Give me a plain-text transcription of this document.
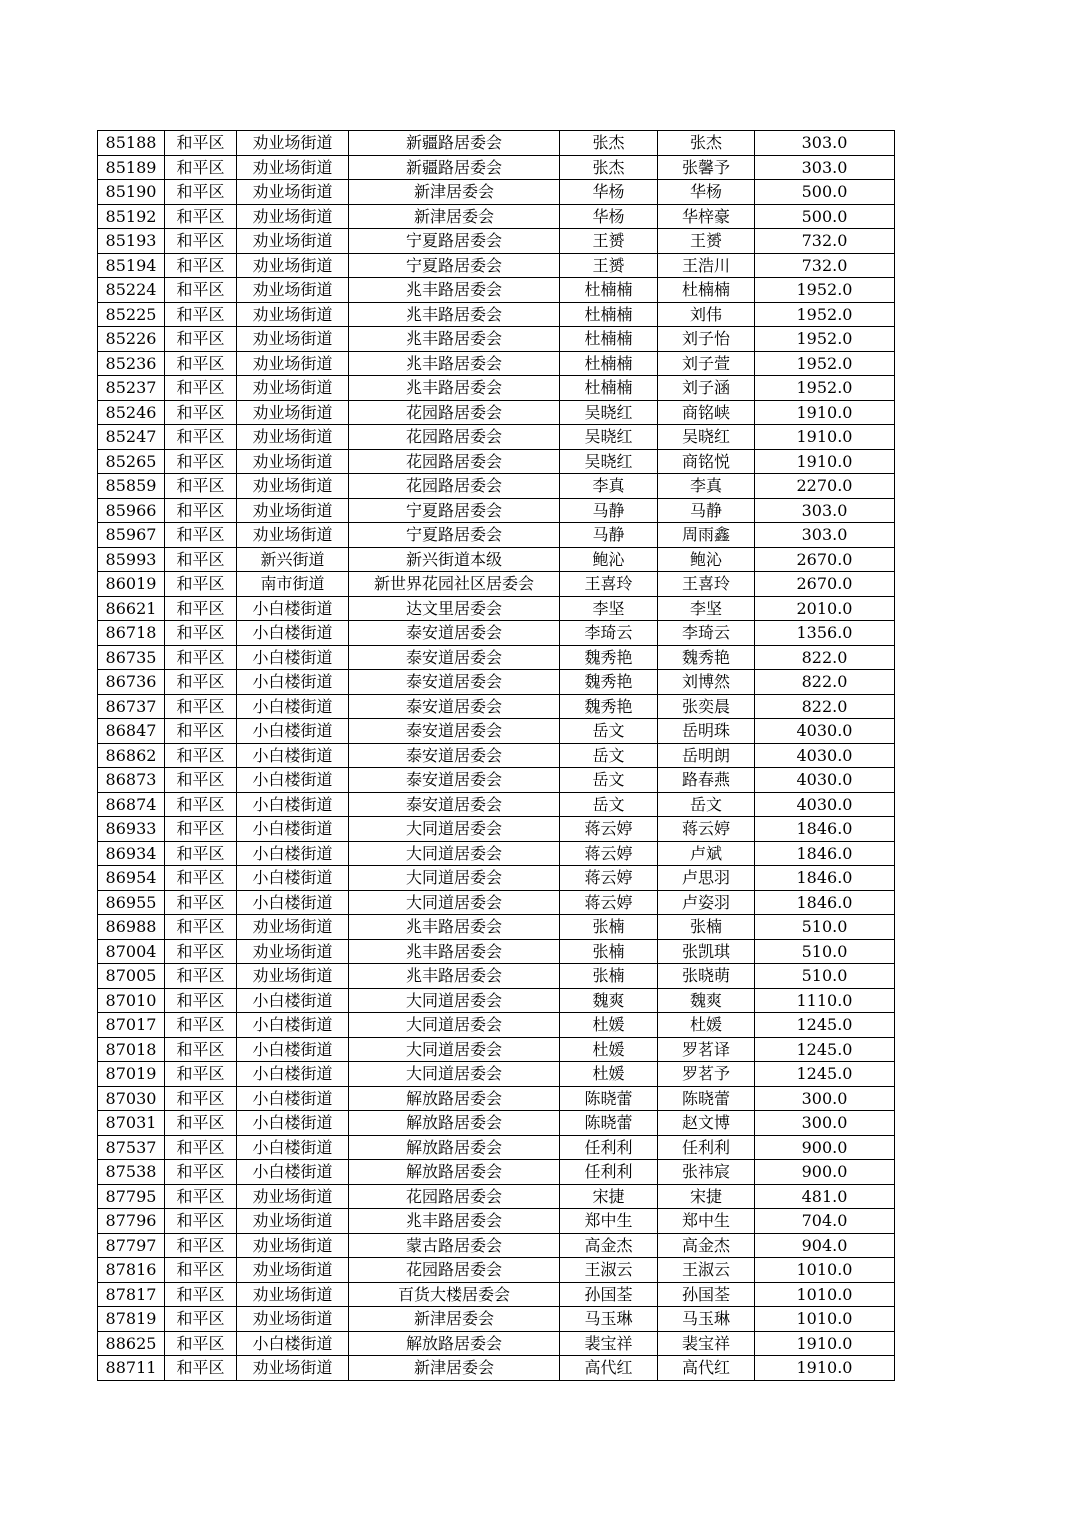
85188	和平区	劝业场街道	新疆路居委会	张杰	张杰	303.0
85189	和平区	劝业场街道	新疆路居委会	张杰	张馨予	303.0
85190	和平区	劝业场街道	新津居委会	华杨	华杨	500.0
85192	和平区	劝业场街道	新津居委会	华杨	华梓豪	500.0
85193	和平区	劝业场街道	宁夏路居委会	王赟	王赟	732.0
85194	和平区	劝业场街道	宁夏路居委会	王赟	王浩川	732.0
85224	和平区	劝业场街道	兆丰路居委会	杜楠楠	杜楠楠	1952.0
85225	和平区	劝业场街道	兆丰路居委会	杜楠楠	刘伟	1952.0
85226	和平区	劝业场街道	兆丰路居委会	杜楠楠	刘子怡	1952.0
85236	和平区	劝业场街道	兆丰路居委会	杜楠楠	刘子萱	1952.0
85237	和平区	劝业场街道	兆丰路居委会	杜楠楠	刘子涵	1952.0
85246	和平区	劝业场街道	花园路居委会	吴晓红	商铭峡	1910.0
85247	和平区	劝业场街道	花园路居委会	吴晓红	吴晓红	1910.0
85265	和平区	劝业场街道	花园路居委会	吴晓红	商铭悦	1910.0
85859	和平区	劝业场街道	花园路居委会	李真	李真	2270.0
85966	和平区	劝业场街道	宁夏路居委会	马静	马静	303.0
85967	和平区	劝业场街道	宁夏路居委会	马静	周雨鑫	303.0
85993	和平区	新兴街道	新兴街道本级	鲍沁	鲍沁	2670.0
86019	和平区	南市街道	新世界花园社区居委会	王喜玲	王喜玲	2670.0
86621	和平区	小白楼街道	达文里居委会	李坚	李坚	2010.0
86718	和平区	小白楼街道	泰安道居委会	李琦云	李琦云	1356.0
86735	和平区	小白楼街道	泰安道居委会	魏秀艳	魏秀艳	822.0
86736	和平区	小白楼街道	泰安道居委会	魏秀艳	刘博然	822.0
86737	和平区	小白楼街道	泰安道居委会	魏秀艳	张奕晨	822.0
86847	和平区	小白楼街道	泰安道居委会	岳文	岳明珠	4030.0
86862	和平区	小白楼街道	泰安道居委会	岳文	岳明朗	4030.0
86873	和平区	小白楼街道	泰安道居委会	岳文	路春燕	4030.0
86874	和平区	小白楼街道	泰安道居委会	岳文	岳文	4030.0
86933	和平区	小白楼街道	大同道居委会	蒋云婷	蒋云婷	1846.0
86934	和平区	小白楼街道	大同道居委会	蒋云婷	卢斌	1846.0
86954	和平区	小白楼街道	大同道居委会	蒋云婷	卢思羽	1846.0
86955	和平区	小白楼街道	大同道居委会	蒋云婷	卢姿羽	1846.0
86988	和平区	劝业场街道	兆丰路居委会	张楠	张楠	510.0
87004	和平区	劝业场街道	兆丰路居委会	张楠	张凯琪	510.0
87005	和平区	劝业场街道	兆丰路居委会	张楠	张晓萌	510.0
87010	和平区	小白楼街道	大同道居委会	魏爽	魏爽	1110.0
87017	和平区	小白楼街道	大同道居委会	杜媛	杜媛	1245.0
87018	和平区	小白楼街道	大同道居委会	杜媛	罗茗译	1245.0
87019	和平区	小白楼街道	大同道居委会	杜媛	罗茗予	1245.0
87030	和平区	小白楼街道	解放路居委会	陈晓蕾	陈晓蕾	300.0
87031	和平区	小白楼街道	解放路居委会	陈晓蕾	赵文博	300.0
87537	和平区	小白楼街道	解放路居委会	任利利	任利利	900.0
87538	和平区	小白楼街道	解放路居委会	任利利	张祎宸	900.0
87795	和平区	劝业场街道	花园路居委会	宋捷	宋捷	481.0
87796	和平区	劝业场街道	兆丰路居委会	郑中生	郑中生	704.0
87797	和平区	劝业场街道	蒙古路居委会	高金杰	高金杰	904.0
87816	和平区	劝业场街道	花园路居委会	王淑云	王淑云	1010.0
87817	和平区	劝业场街道	百货大楼居委会	孙国荃	孙国荃	1010.0
87819	和平区	劝业场街道	新津居委会	马玉琳	马玉琳	1010.0
88625	和平区	小白楼街道	解放路居委会	裴宝祥	裴宝祥	1910.0
88711	和平区	劝业场街道	新津居委会	高代红	高代红	1910.0
